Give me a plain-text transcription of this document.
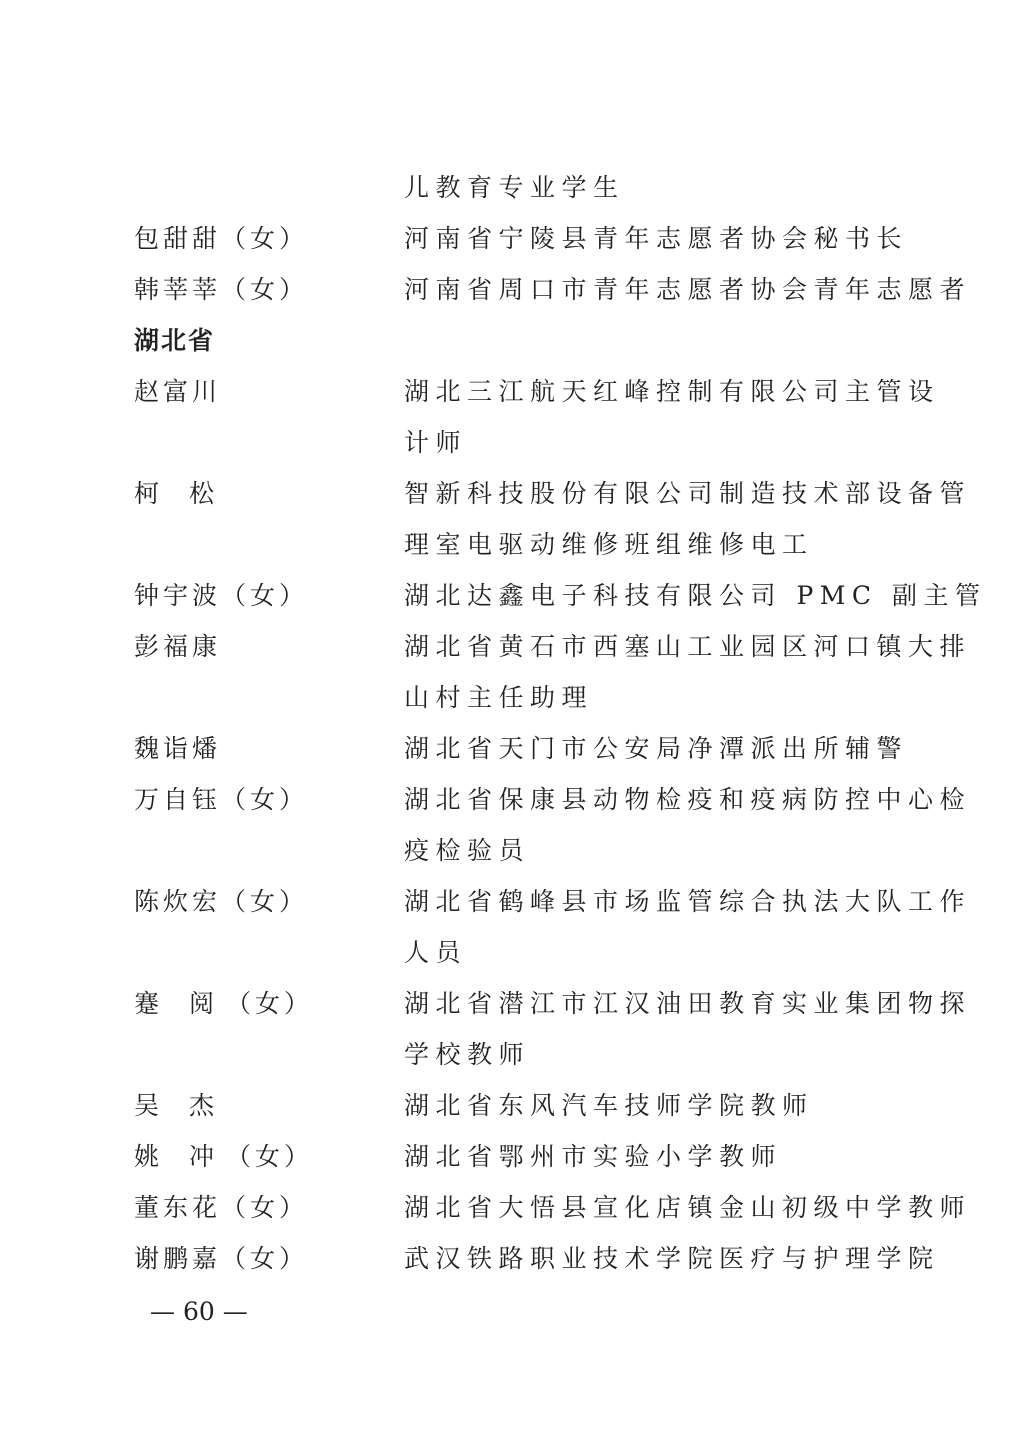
儿教育专业学生
包甜甜（女）	河南省宁陵县青年志愿者协会秘书长
韩莘莘（女）	河南省周口市青年志愿者协会青年志愿者
湖北省
赵富川	湖北三江航天红峰控制有限公司主管设
计师
柯 松	智新科技股份有限公司制造技术部设备管
理室电驱动维修班组维修电工
钟宇波（女）	湖北达鑫电子科技有限公司 PMC 副主管
彭福康	湖北省黄石市西塞山工业园区河口镇大排
山村主任助理
魏诣燔	湖北省天门市公安局净潭派出所辅警
万自钰（女）	湖北省保康县动物检疫和疫病防控中心检
疫检验员
陈炊宏（女）	湖北省鹤峰县市场监管综合执法大队工作
人员
蹇 阅 （女）	湖北省潜江市江汉油田教育实业集团物探
学校教师
吴 杰	湖北省东风汽车技师学院教师
姚 冲 （女）	湖北省鄂州市实验小学教师
董东花（女）	湖北省大悟县宣化店镇金山初级中学教师
谢鹏嘉（女）	武汉铁路职业技术学院医疗与护理学院
— 60 —
